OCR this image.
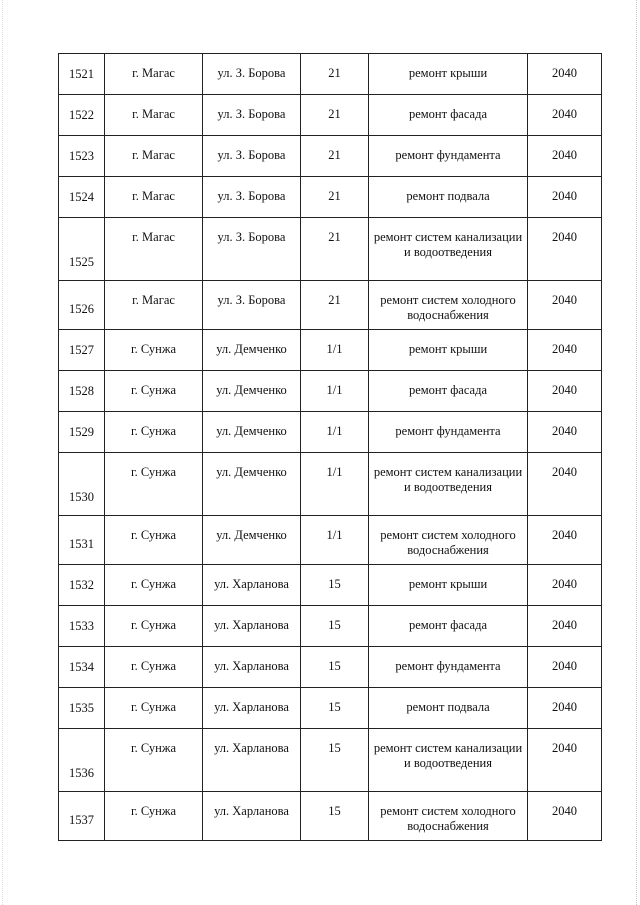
1521	г. Магас	ул. З. Борова	21	ремонт крыши	2040
1522	г. Магас	ул. З. Борова	21	ремонт фасада	2040
1523	г. Магас	ул. З. Борова	21	ремонт фундамента	2040
1524	г. Магас	ул. З. Борова	21	ремонт подвала	2040
1525	г. Магас	ул. З. Борова	21	ремонт систем канализации и водоотведения	2040
1526	г. Магас	ул. З. Борова	21	ремонт систем холодного водоснабжения	2040
1527	г. Сунжа	ул. Демченко	1/1	ремонт крыши	2040
1528	г. Сунжа	ул. Демченко	1/1	ремонт фасада	2040
1529	г. Сунжа	ул. Демченко	1/1	ремонт фундамента	2040
1530	г. Сунжа	ул. Демченко	1/1	ремонт систем канализации и водоотведения	2040
1531	г. Сунжа	ул. Демченко	1/1	ремонт систем холодного водоснабжения	2040
1532	г. Сунжа	ул. Харланова	15	ремонт крыши	2040
1533	г. Сунжа	ул. Харланова	15	ремонт фасада	2040
1534	г. Сунжа	ул. Харланова	15	ремонт фундамента	2040
1535	г. Сунжа	ул. Харланова	15	ремонт подвала	2040
1536	г. Сунжа	ул. Харланова	15	ремонт систем канализации и водоотведения	2040
1537	г. Сунжа	ул. Харланова	15	ремонт систем холодного водоснабжения	2040
